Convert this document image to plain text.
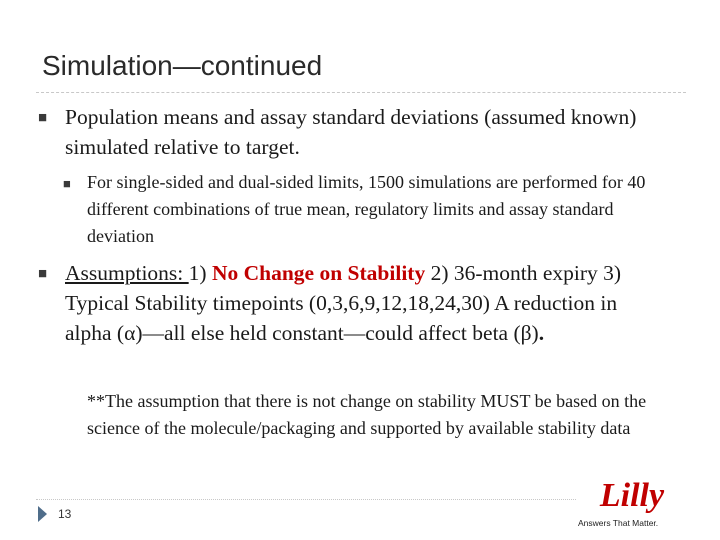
Simulation—continued
■ Population means and assay standard deviations (assumed known) simulated relative to target.
■ For single-sided and dual-sided limits, 1500 simulations are performed for 40 different combinations of true mean, regulatory limits and assay standard deviation
■ Assumptions: 1) No Change on Stability 2) 36-month expiry 3) Typical Stability timepoints (0,3,6,9,12,18,24,30) A reduction in alpha (α)—all else held constant—could affect beta (β).
**The assumption that there is not change on stability MUST be based on the science of the molecule/packaging and supported by available stability data
13	Lilly
Answers That Matter.
